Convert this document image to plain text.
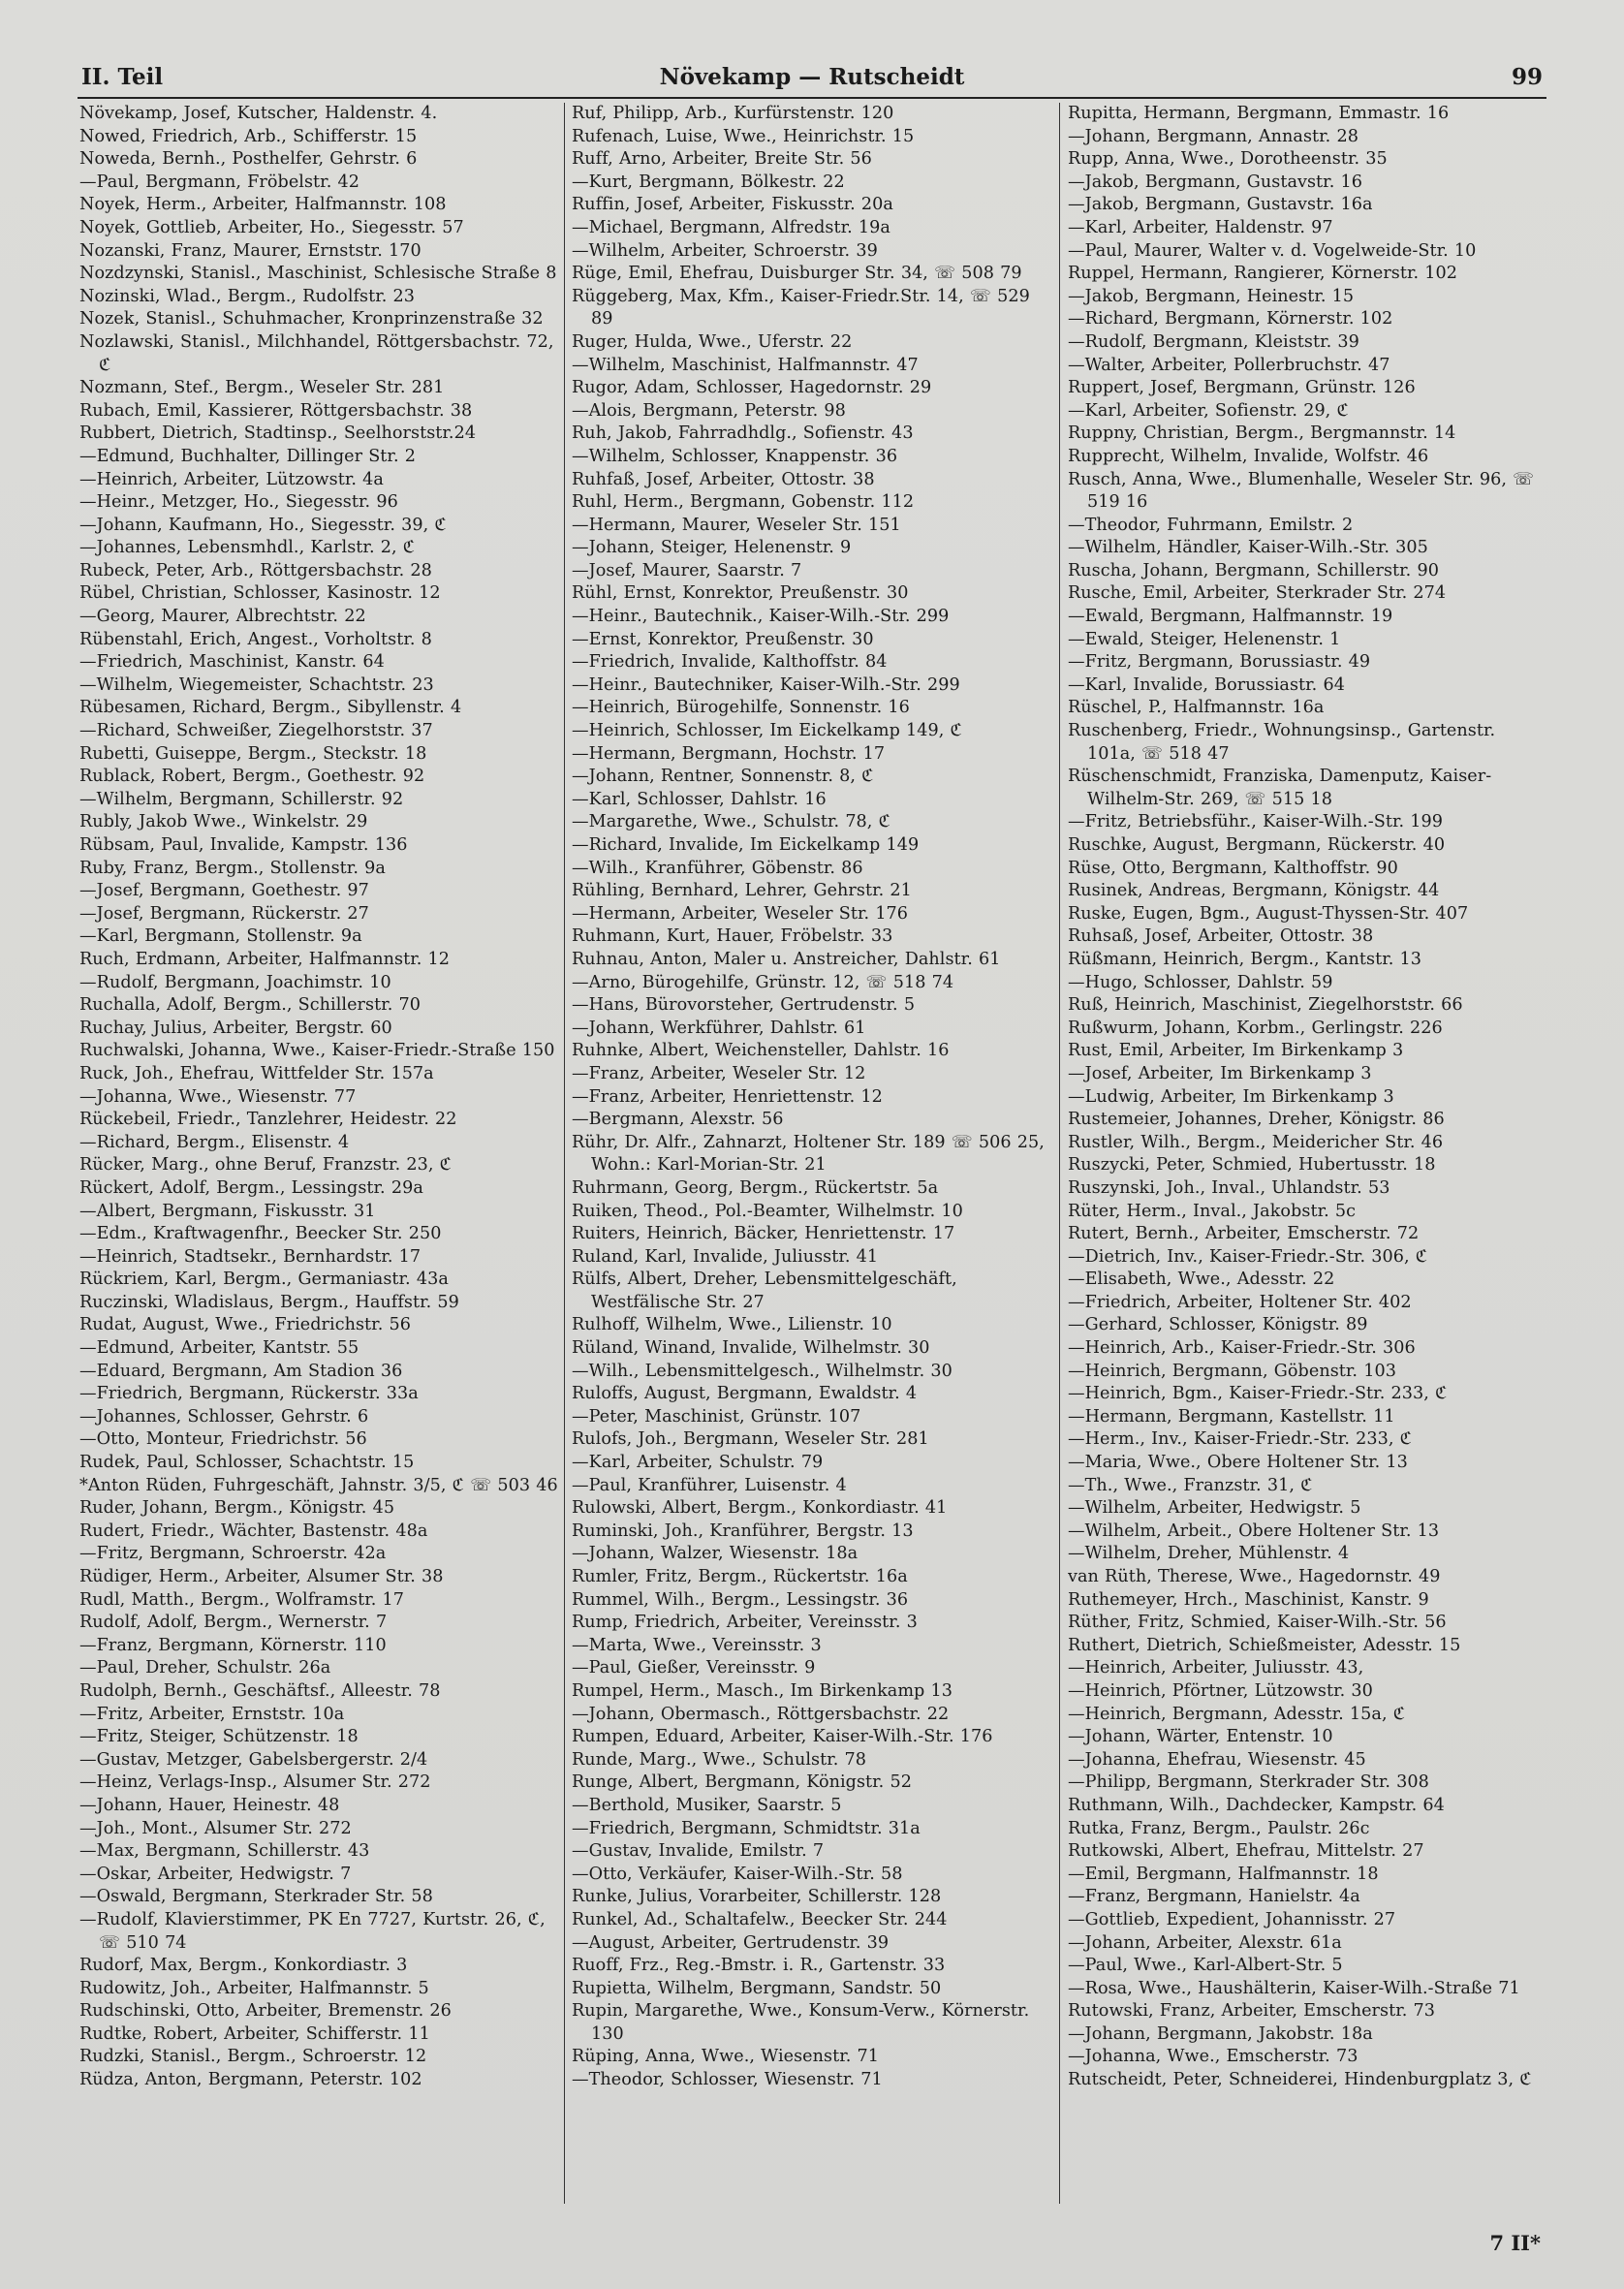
II. Teil	Növekamp — Rutscheidt	99
Növekamp, Josef, Kutscher, Haldenstr. 4.
Nowed, Friedrich, Arb., Schifferstr. 15
Noweda, Bernh., Posthelfer, Gehrstr. 6
—Paul, Bergmann, Fröbelstr. 42
Noyek, Herm., Arbeiter, Halfmannstr. 108
Noyek, Gottlieb, Arbeiter, Ho., Siegesstr. 57
Nozanski, Franz, Maurer, Ernststr. 170
Nozdzynski, Stanisl., Maschinist, Schlesische Straße 8
Nozinski, Wlad., Bergm., Rudolfstr. 23
Nozek, Stanisl., Schuhmacher, Kronprinzenstraße 32
Nozlawski, Stanisl., Milchhandel, Röttgersbachstr. 72, ℭ
Nozmann, Stef., Bergm., Weseler Str. 281
Rubach, Emil, Kassierer, Röttgersbachstr. 38
Rubbert, Dietrich, Stadtinsp., Seelhorststr.24
—Edmund, Buchhalter, Dillinger Str. 2
—Heinrich, Arbeiter, Lützowstr. 4a
—Heinr., Metzger, Ho., Siegesstr. 96
—Johann, Kaufmann, Ho., Siegesstr. 39, ℭ
—Johannes, Lebensmhdl., Karlstr. 2, ℭ
Rubeck, Peter, Arb., Röttgersbachstr. 28
Rübel, Christian, Schlosser, Kasinostr. 12
—Georg, Maurer, Albrechtstr. 22
Rübenstahl, Erich, Angest., Vorholtstr. 8
—Friedrich, Maschinist, Kanstr. 64
—Wilhelm, Wiegemeister, Schachtstr. 23
Rübesamen, Richard, Bergm., Sibyllenstr. 4
—Richard, Schweißer, Ziegelhorststr. 37
Rubetti, Guiseppe, Bergm., Steckstr. 18
Rublack, Robert, Bergm., Goethestr. 92
—Wilhelm, Bergmann, Schillerstr. 92
Rubly, Jakob Wwe., Winkelstr. 29
Rübsam, Paul, Invalide, Kampstr. 136
Ruby, Franz, Bergm., Stollenstr. 9a
—Josef, Bergmann, Goethestr. 97
—Josef, Bergmann, Rückerstr. 27
—Karl, Bergmann, Stollenstr. 9a
Ruch, Erdmann, Arbeiter, Halfmannstr. 12
—Rudolf, Bergmann, Joachimstr. 10
Ruchalla, Adolf, Bergm., Schillerstr. 70
Ruchay, Julius, Arbeiter, Bergstr. 60
Ruchwalski, Johanna, Wwe., Kaiser-Friedr.-Straße 150
Ruck, Joh., Ehefrau, Wittfelder Str. 157a
—Johanna, Wwe., Wiesenstr. 77
Rückebeil, Friedr., Tanzlehrer, Heidestr. 22
—Richard, Bergm., Elisenstr. 4
Rücker, Marg., ohne Beruf, Franzstr. 23, ℭ
Rückert, Adolf, Bergm., Lessingstr. 29a
—Albert, Bergmann, Fiskusstr. 31
—Edm., Kraftwagenfhr., Beecker Str. 250
—Heinrich, Stadtsekr., Bernhardstr. 17
Rückriem, Karl, Bergm., Germaniastr. 43a
Ruczinski, Wladislaus, Bergm., Hauffstr. 59
Rudat, August, Wwe., Friedrichstr. 56
—Edmund, Arbeiter, Kantstr. 55
—Eduard, Bergmann, Am Stadion 36
—Friedrich, Bergmann, Rückerstr. 33a
—Johannes, Schlosser, Gehrstr. 6
—Otto, Monteur, Friedrichstr. 56
Rudek, Paul, Schlosser, Schachtstr. 15
*Anton Rüden, Fuhrgeschäft, Jahnstr. 3/5, ℭ ☏ 503 46
Ruder, Johann, Bergm., Königstr. 45
Rudert, Friedr., Wächter, Bastenstr. 48a
—Fritz, Bergmann, Schroerstr. 42a
Rüdiger, Herm., Arbeiter, Alsumer Str. 38
Rudl, Matth., Bergm., Wolframstr. 17
Rudolf, Adolf, Bergm., Wernerstr. 7
—Franz, Bergmann, Körnerstr. 110
—Paul, Dreher, Schulstr. 26a
Rudolph, Bernh., Geschäftsf., Alleestr. 78
—Fritz, Arbeiter, Ernststr. 10a
—Fritz, Steiger, Schützenstr. 18
—Gustav, Metzger, Gabelsbergerstr. 2/4
—Heinz, Verlags-Insp., Alsumer Str. 272
—Johann, Hauer, Heinestr. 48
—Joh., Mont., Alsumer Str. 272
—Max, Bergmann, Schillerstr. 43
—Oskar, Arbeiter, Hedwigstr. 7
—Oswald, Bergmann, Sterkrader Str. 58
—Rudolf, Klavierstimmer, PK En 7727, Kurtstr. 26, ℭ, ☏ 510 74
Rudorf, Max, Bergm., Konkordiastr. 3
Rudowitz, Joh., Arbeiter, Halfmannstr. 5
Rudschinski, Otto, Arbeiter, Bremenstr. 26
Rudtke, Robert, Arbeiter, Schifferstr. 11
Rudzki, Stanisl., Bergm., Schroerstr. 12
Rüdza, Anton, Bergmann, Peterstr. 102
Ruf, Philipp, Arb., Kurfürstenstr. 120
Rufenach, Luise, Wwe., Heinrichstr. 15
Ruff, Arno, Arbeiter, Breite Str. 56
—Kurt, Bergmann, Bölkestr. 22
Ruffin, Josef, Arbeiter, Fiskusstr. 20a
—Michael, Bergmann, Alfredstr. 19a
—Wilhelm, Arbeiter, Schroerstr. 39
Rüge, Emil, Ehefrau, Duisburger Str. 34, ☏ 508 79
Rüggeberg, Max, Kfm., Kaiser-Friedr.Str. 14, ☏ 529 89
Ruger, Hulda, Wwe., Uferstr. 22
—Wilhelm, Maschinist, Halfmannstr. 47
Rugor, Adam, Schlosser, Hagedornstr. 29
—Alois, Bergmann, Peterstr. 98
Ruh, Jakob, Fahrradhdlg., Sofienstr. 43
—Wilhelm, Schlosser, Knappenstr. 36
Ruhfaß, Josef, Arbeiter, Ottostr. 38
Ruhl, Herm., Bergmann, Gobenstr. 112
—Hermann, Maurer, Weseler Str. 151
—Johann, Steiger, Helenenstr. 9
—Josef, Maurer, Saarstr. 7
Rühl, Ernst, Konrektor, Preußenstr. 30
—Heinr., Bautechnik., Kaiser-Wilh.-Str. 299
—Ernst, Konrektor, Preußenstr. 30
—Friedrich, Invalide, Kalthoffstr. 84
—Heinr., Bautechniker, Kaiser-Wilh.-Str. 299
—Heinrich, Bürogehilfe, Sonnenstr. 16
—Heinrich, Schlosser, Im Eickelkamp 149, ℭ
—Hermann, Bergmann, Hochstr. 17
—Johann, Rentner, Sonnenstr. 8, ℭ
—Karl, Schlosser, Dahlstr. 16
—Margarethe, Wwe., Schulstr. 78, ℭ
—Richard, Invalide, Im Eickelkamp 149
—Wilh., Kranführer, Göbenstr. 86
Rühling, Bernhard, Lehrer, Gehrstr. 21
—Hermann, Arbeiter, Weseler Str. 176
Ruhmann, Kurt, Hauer, Fröbelstr. 33
Ruhnau, Anton, Maler u. Anstreicher, Dahlstr. 61
—Arno, Bürogehilfe, Grünstr. 12, ☏ 518 74
—Hans, Bürovorsteher, Gertrudenstr. 5
—Johann, Werkführer, Dahlstr. 61
Ruhnke, Albert, Weichensteller, Dahlstr. 16
—Franz, Arbeiter, Weseler Str. 12
—Franz, Arbeiter, Henriettenstr. 12
—Bergmann, Alexstr. 56
Rühr, Dr. Alfr., Zahnarzt, Holtener Str. 189 ☏ 506 25, Wohn.: Karl-Morian-Str. 21
Ruhrmann, Georg, Bergm., Rückertstr. 5a
Ruiken, Theod., Pol.-Beamter, Wilhelmstr. 10
Ruiters, Heinrich, Bäcker, Henriettenstr. 17
Ruland, Karl, Invalide, Juliusstr. 41
Rülfs, Albert, Dreher, Lebensmittelgeschäft, Westfälische Str. 27
Rulhoff, Wilhelm, Wwe., Lilienstr. 10
Rüland, Winand, Invalide, Wilhelmstr. 30
—Wilh., Lebensmittelgesch., Wilhelmstr. 30
Ruloffs, August, Bergmann, Ewaldstr. 4
—Peter, Maschinist, Grünstr. 107
Rulofs, Joh., Bergmann, Weseler Str. 281
—Karl, Arbeiter, Schulstr. 79
—Paul, Kranführer, Luisenstr. 4
Rulowski, Albert, Bergm., Konkordiastr. 41
Ruminski, Joh., Kranführer, Bergstr. 13
—Johann, Walzer, Wiesenstr. 18a
Rumler, Fritz, Bergm., Rückertstr. 16a
Rummel, Wilh., Bergm., Lessingstr. 36
Rump, Friedrich, Arbeiter, Vereinsstr. 3
—Marta, Wwe., Vereinsstr. 3
—Paul, Gießer, Vereinsstr. 9
Rumpel, Herm., Masch., Im Birkenkamp 13
—Johann, Obermasch., Röttgersbachstr. 22
Rumpen, Eduard, Arbeiter, Kaiser-Wilh.-Str. 176
Runde, Marg., Wwe., Schulstr. 78
Runge, Albert, Bergmann, Königstr. 52
—Berthold, Musiker, Saarstr. 5
—Friedrich, Bergmann, Schmidtstr. 31a
—Gustav, Invalide, Emilstr. 7
—Otto, Verkäufer, Kaiser-Wilh.-Str. 58
Runke, Julius, Vorarbeiter, Schillerstr. 128
Runkel, Ad., Schaltafelw., Beecker Str. 244
—August, Arbeiter, Gertrudenstr. 39
Ruoff, Frz., Reg.-Bmstr. i. R., Gartenstr. 33
Rupietta, Wilhelm, Bergmann, Sandstr. 50
Rupin, Margarethe, Wwe., Konsum-Verw., Körnerstr. 130
Rüping, Anna, Wwe., Wiesenstr. 71
—Theodor, Schlosser, Wiesenstr. 71
Rupitta, Hermann, Bergmann, Emmastr. 16
—Johann, Bergmann, Annastr. 28
Rupp, Anna, Wwe., Dorotheenstr. 35
—Jakob, Bergmann, Gustavstr. 16
—Jakob, Bergmann, Gustavstr. 16a
—Karl, Arbeiter, Haldenstr. 97
—Paul, Maurer, Walter v. d. Vogelweide-Str. 10
Ruppel, Hermann, Rangierer, Körnerstr. 102
—Jakob, Bergmann, Heinestr. 15
—Richard, Bergmann, Körnerstr. 102
—Rudolf, Bergmann, Kleiststr. 39
—Walter, Arbeiter, Pollerbruchstr. 47
Ruppert, Josef, Bergmann, Grünstr. 126
—Karl, Arbeiter, Sofienstr. 29, ℭ
Ruppny, Christian, Bergm., Bergmannstr. 14
Rupprecht, Wilhelm, Invalide, Wolfstr. 46
Rusch, Anna, Wwe., Blumenhalle, Weseler Str. 96, ☏ 519 16
—Theodor, Fuhrmann, Emilstr. 2
—Wilhelm, Händler, Kaiser-Wilh.-Str. 305
Ruscha, Johann, Bergmann, Schillerstr. 90
Rusche, Emil, Arbeiter, Sterkrader Str. 274
—Ewald, Bergmann, Halfmannstr. 19
—Ewald, Steiger, Helenenstr. 1
—Fritz, Bergmann, Borussiastr. 49
—Karl, Invalide, Borussiastr. 64
Rüschel, P., Halfmannstr. 16a
Ruschenberg, Friedr., Wohnungsinsp., Gartenstr. 101a, ☏ 518 47
Rüschenschmidt, Franziska, Damenputz, Kaiser-Wilhelm-Str. 269, ☏ 515 18
—Fritz, Betriebsführ., Kaiser-Wilh.-Str. 199
Ruschke, August, Bergmann, Rückerstr. 40
Rüse, Otto, Bergmann, Kalthoffstr. 90
Rusinek, Andreas, Bergmann, Königstr. 44
Ruske, Eugen, Bgm., August-Thyssen-Str. 407
Ruhsaß, Josef, Arbeiter, Ottostr. 38
Rüßmann, Heinrich, Bergm., Kantstr. 13
—Hugo, Schlosser, Dahlstr. 59
Ruß, Heinrich, Maschinist, Ziegelhorststr. 66
Rußwurm, Johann, Korbm., Gerlingstr. 226
Rust, Emil, Arbeiter, Im Birkenkamp 3
—Josef, Arbeiter, Im Birkenkamp 3
—Ludwig, Arbeiter, Im Birkenkamp 3
Rustemeier, Johannes, Dreher, Königstr. 86
Rustler, Wilh., Bergm., Meidericher Str. 46
Ruszycki, Peter, Schmied, Hubertusstr. 18
Ruszynski, Joh., Inval., Uhlandstr. 53
Rüter, Herm., Inval., Jakobstr. 5c
Rutert, Bernh., Arbeiter, Emscherstr. 72
—Dietrich, Inv., Kaiser-Friedr.-Str. 306, ℭ
—Elisabeth, Wwe., Adesstr. 22
—Friedrich, Arbeiter, Holtener Str. 402
—Gerhard, Schlosser, Königstr. 89
—Heinrich, Arb., Kaiser-Friedr.-Str. 306
—Heinrich, Bergmann, Göbenstr. 103
—Heinrich, Bgm., Kaiser-Friedr.-Str. 233, ℭ
—Hermann, Bergmann, Kastellstr. 11
—Herm., Inv., Kaiser-Friedr.-Str. 233, ℭ
—Maria, Wwe., Obere Holtener Str. 13
—Th., Wwe., Franzstr. 31, ℭ
—Wilhelm, Arbeiter, Hedwigstr. 5
—Wilhelm, Arbeit., Obere Holtener Str. 13
—Wilhelm, Dreher, Mühlenstr. 4
van Rüth, Therese, Wwe., Hagedornstr. 49
Ruthemeyer, Hrch., Maschinist, Kanstr. 9
Rüther, Fritz, Schmied, Kaiser-Wilh.-Str. 56
Ruthert, Dietrich, Schießmeister, Adesstr. 15
—Heinrich, Arbeiter, Juliusstr. 43,
—Heinrich, Pförtner, Lützowstr. 30
—Heinrich, Bergmann, Adesstr. 15a, ℭ
—Johann, Wärter, Entenstr. 10
—Johanna, Ehefrau, Wiesenstr. 45
—Philipp, Bergmann, Sterkrader Str. 308
Ruthmann, Wilh., Dachdecker, Kampstr. 64
Rutka, Franz, Bergm., Paulstr. 26c
Rutkowski, Albert, Ehefrau, Mittelstr. 27
—Emil, Bergmann, Halfmannstr. 18
—Franz, Bergmann, Hanielstr. 4a
—Gottlieb, Expedient, Johannisstr. 27
—Johann, Arbeiter, Alexstr. 61a
—Paul, Wwe., Karl-Albert-Str. 5
—Rosa, Wwe., Haushälterin, Kaiser-Wilh.-Straße 71
Rutowski, Franz, Arbeiter, Emscherstr. 73
—Johann, Bergmann, Jakobstr. 18a
—Johanna, Wwe., Emscherstr. 73
Rutscheidt, Peter, Schneiderei, Hindenburgplatz 3, ℭ
7 II*
